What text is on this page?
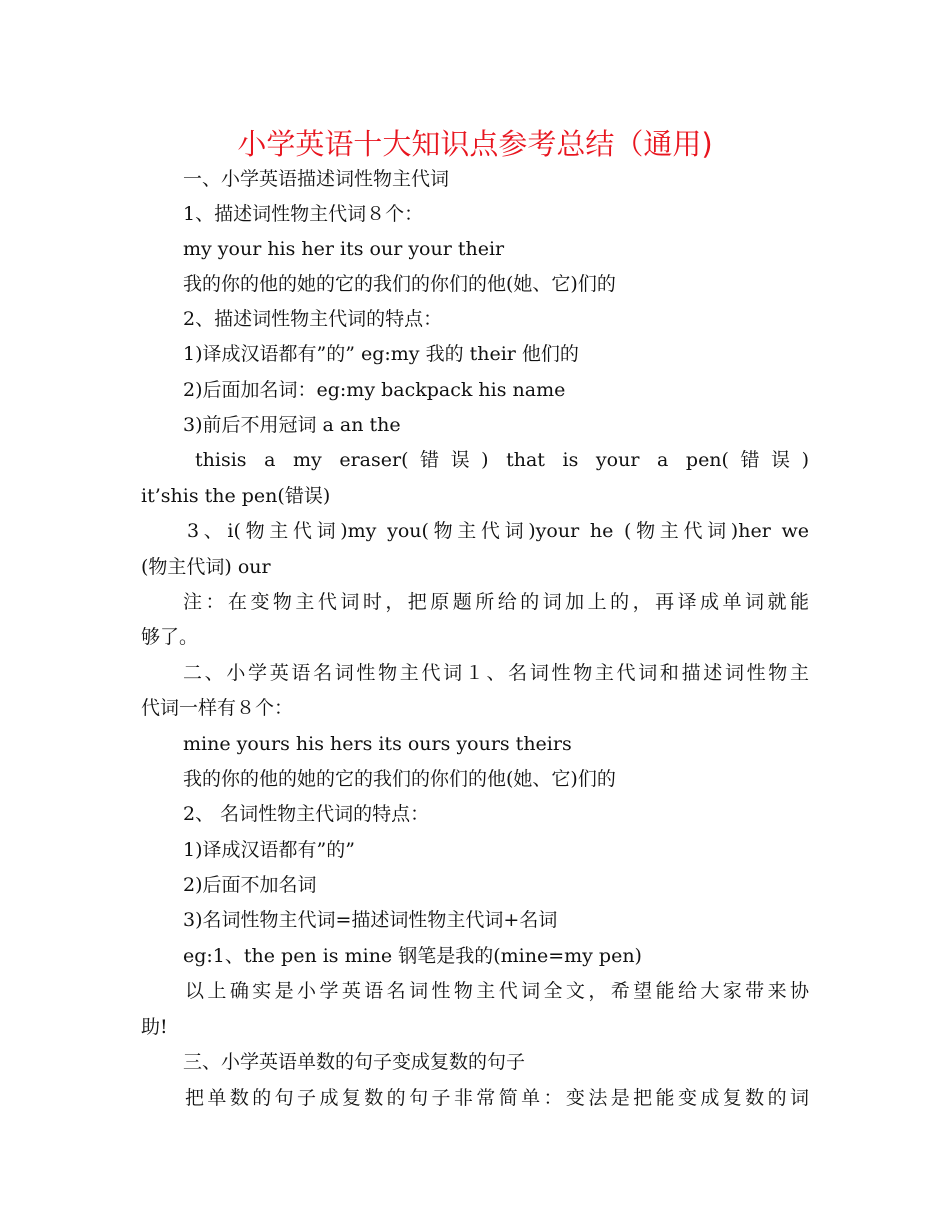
小学英语十大知识点参考总结（通用)
一、小学英语描述词性物主代词
1、描述词性物主代词８个：
my your his her its our your their
我的你的他的她的它的我们的你们的他(她、它)们的
2、描述词性物主代词的特点：
1)译成汉语都有”的” eg:my 我的 their 他们的
2)后面加名词：eg:my backpack his name
3)前后不用冠词 a an the
thisis a my eraser(错误) that is your a pen(错误)
it’shis the pen(错误)
3、i(物主代词)my you(物主代词)your he (物主代词)her we
(物主代词) our
注：在变物主代词时，把原题所给的词加上的，再译成单词就能
够了。
二、小学英语名词性物主代词１、名词性物主代词和描述词性物主
代词一样有８个：
mine yours his hers its ours yours theirs
我的你的他的她的它的我们的你们的他(她、它)们的
2、 名词性物主代词的特点：
1)译成汉语都有”的”
2)后面不加名词
3)名词性物主代词=描述词性物主代词+名词
eg:1、the pen is mine 钢笔是我的(mine=my pen)
以上确实是小学英语名词性物主代词全文，希望能给大家带来协
助!
三、小学英语单数的句子变成复数的句子
把单数的句子成复数的句子非常简单：变法是把能变成复数的词
